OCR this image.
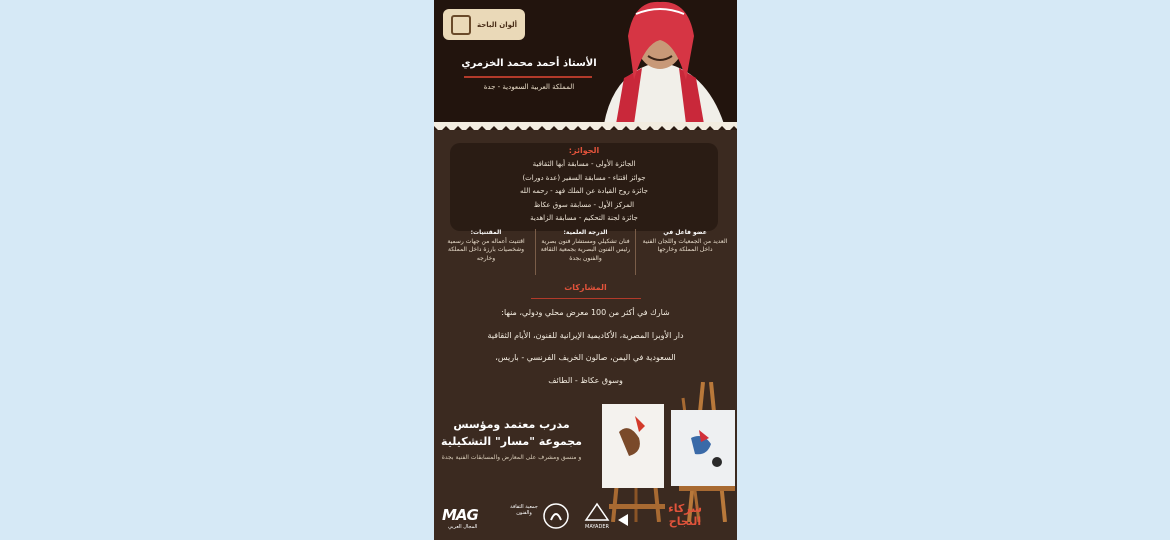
ألوان الباحة
الأستاذ أحمد محمد الخزمري
المملكة العربية السعودية - جدة
الجوائز:
الجائزة الأولى - مسابقة أبها الثقافية
جوائز اقتناء - مسابقة السفير (عدة دورات)
جائزة روح القيادة عن الملك فهد - رحمه الله
المركز الأول - مسابقة سوق عكاظ
جائزة لجنة التحكيم - مسابقة الزاهدية
المقتنيات:
اقتنيت أعماله من جهات رسمية وشخصيات بارزة داخل المملكة وخارجه
الدرجة العلمية:
فنان تشكيلي ومستشار فنون بصرية رئيس الفنون البصرية بجمعية الثقافة والفنون بجدة
عضو فاعل في
العديد من الجمعيات واللجان الفنية داخل المملكة وخارجها
المشاركات
شارك في أكثر من 100 معرض محلي ودولي، منها:
دار الأوبرا المصرية، الأكاديمية الإيرانية للفنون، الأيام الثقافية
السعودية في اليمن، صالون الخريف الفرنسي - باريس،
وسوق عكاظ - الطائف
مدرب معتمد ومؤسس
مجموعة "مسار" التشكيلية
و منسق ومشرف على المعارض والمسابقات الفنية بجدة
MAG
المجال العربي
جمعية الثقافة والفنون
MAYADER
شركاء
النجاح
